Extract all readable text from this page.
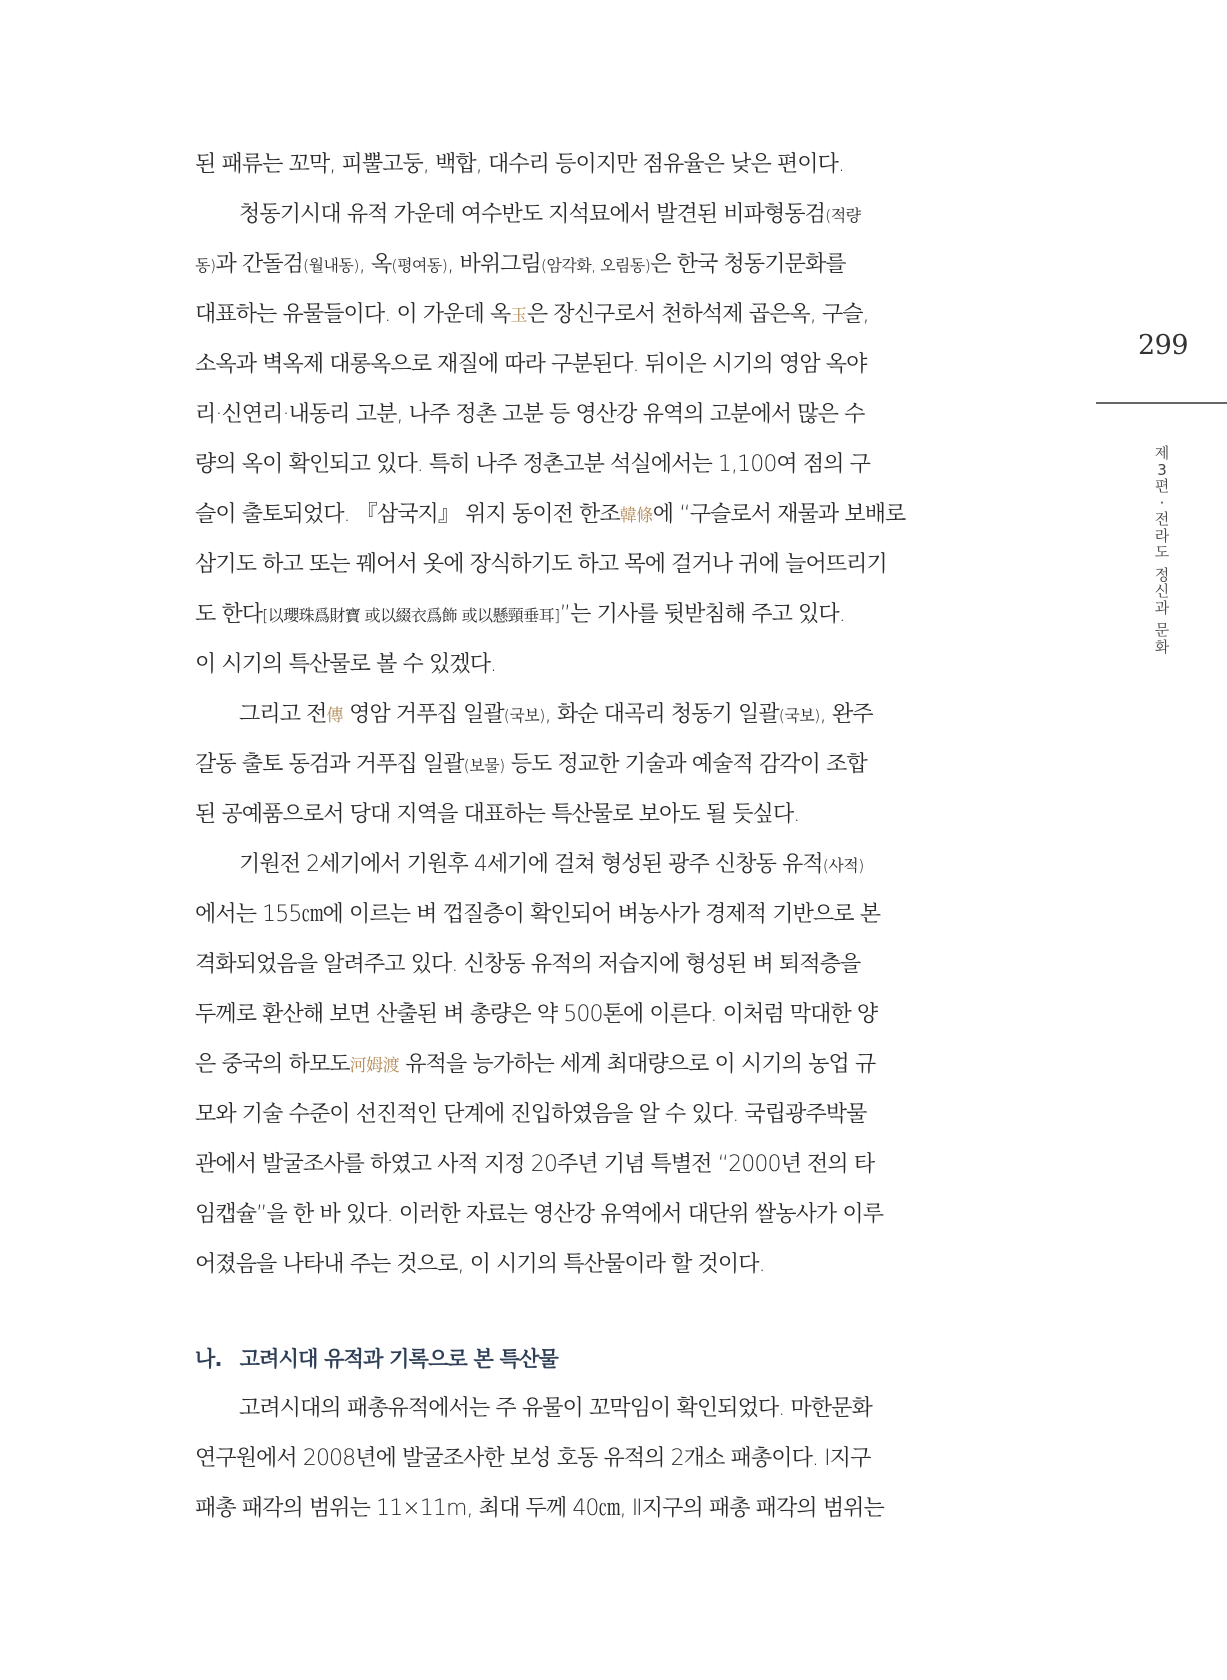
된 패류는 꼬막, 피뿔고둥, 백합, 대수리 등이지만 점유율은 낮은 편이다.
청동기시대 유적 가운데 여수반도 지석묘에서 발견된 비파형동검(적량
동)과 간돌검(월내동), 옥(평여동), 바위그림(암각화, 오림동)은 한국 청동기문화를
대표하는 유물들이다. 이 가운데 옥玉은 장신구로서 천하석제 곱은옥, 구슬,
소옥과 벽옥제 대롱옥으로 재질에 따라 구분된다. 뒤이은 시기의 영암 옥야
리·신연리·내동리 고분, 나주 정촌 고분 등 영산강 유역의 고분에서 많은 수
량의 옥이 확인되고 있다. 특히 나주 정촌고분 석실에서는 1,100여 점의 구
슬이 출토되었다. 『삼국지』 위지 동이전 한조韓條에 “구슬로서 재물과 보배로
삼기도 하고 또는 꿰어서 옷에 장식하기도 하고 목에 걸거나 귀에 늘어뜨리기
도 한다[以瓔珠爲財寶 或以綴衣爲飾 或以懸頸垂耳]”는 기사를 뒷받침해 주고 있다.
이 시기의 특산물로 볼 수 있겠다.
그리고 전傳 영암 거푸집 일괄(국보), 화순 대곡리 청동기 일괄(국보), 완주
갈동 출토 동검과 거푸집 일괄(보물) 등도 정교한 기술과 예술적 감각이 조합
된 공예품으로서 당대 지역을 대표하는 특산물로 보아도 될 듯싶다.
기원전 2세기에서 기원후 4세기에 걸쳐 형성된 광주 신창동 유적(사적)
에서는 155㎝에 이르는 벼 껍질층이 확인되어 벼농사가 경제적 기반으로 본
격화되었음을 알려주고 있다. 신창동 유적의 저습지에 형성된 벼 퇴적층을
두께로 환산해 보면 산출된 벼 총량은 약 500톤에 이른다. 이처럼 막대한 양
은 중국의 하모도河姆渡 유적을 능가하는 세계 최대량으로 이 시기의 농업 규
모와 기술 수준이 선진적인 단계에 진입하였음을 알 수 있다. 국립광주박물
관에서 발굴조사를 하였고 사적 지정 20주년 기념 특별전 “2000년 전의 타
임캡슐”을 한 바 있다. 이러한 자료는 영산강 유역에서 대단위 쌀농사가 이루
어졌음을 나타내 주는 것으로, 이 시기의 특산물이라 할 것이다.
나. 고려시대 유적과 기록으로 본 특산물
고려시대의 패총유적에서는 주 유물이 꼬막임이 확인되었다. 마한문화
연구원에서 2008년에 발굴조사한 보성 호동 유적의 2개소 패총이다. Ⅰ지구
패총 패각의 범위는 11×11m, 최대 두께 40㎝, Ⅱ지구의 패총 패각의 범위는
299
제
3
편
·
전
라
도
정
신
과
문
화
